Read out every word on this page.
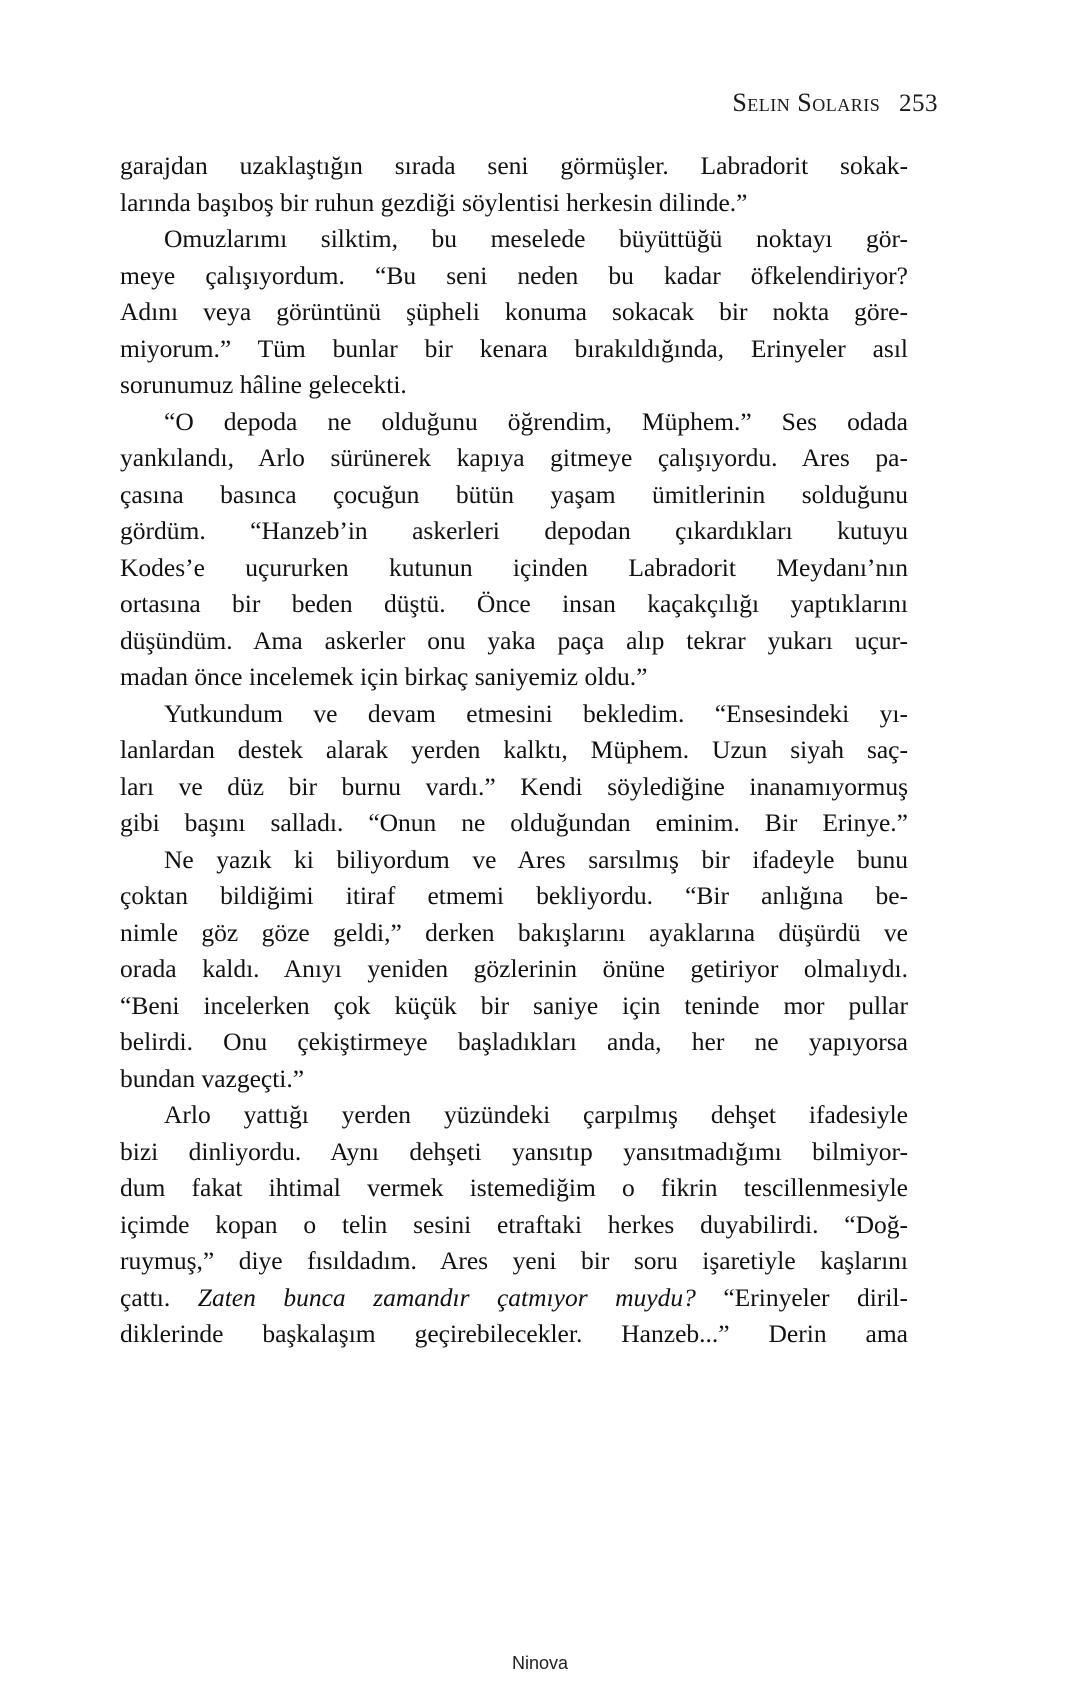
Selin Solaris 253
garajdan uzaklaştığın sırada seni görmüşler. Labradorit sokak-
larında başıboş bir ruhun gezdiği söylentisi herkesin dilinde.”
Omuzlarımı silktim, bu meselede büyüttüğü noktayı gör-
meye çalışıyordum. “Bu seni neden bu kadar öfkelendiriyor?
Adını veya görüntünü şüpheli konuma sokacak bir nokta göre-
miyorum.” Tüm bunlar bir kenara bırakıldığında, Erinyeler asıl
sorunumuz hâline gelecekti.
“O depoda ne olduğunu öğrendim, Müphem.” Ses odada
yankılandı, Arlo sürünerek kapıya gitmeye çalışıyordu. Ares pa-
çasına basınca çocuğun bütün yaşam ümitlerinin solduğunu
gördüm. “Hanzeb’in askerleri depodan çıkardıkları kutuyu
Kodes’e uçururken kutunun içinden Labradorit Meydanı’nın
ortasına bir beden düştü. Önce insan kaçakçılığı yaptıklarını
düşündüm. Ama askerler onu yaka paça alıp tekrar yukarı uçur-
madan önce incelemek için birkaç saniyemiz oldu.”
Yutkundum ve devam etmesini bekledim. “Ensesindeki yı-
lanlardan destek alarak yerden kalktı, Müphem. Uzun siyah saç-
ları ve düz bir burnu vardı.” Kendi söylediğine inanamıyormuş
gibi başını salladı. “Onun ne olduğundan eminim. Bir Erinye.”
Ne yazık ki biliyordum ve Ares sarsılmış bir ifadeyle bunu
çoktan bildiğimi itiraf etmemi bekliyordu. “Bir anlığına be-
nimle göz göze geldi,” derken bakışlarını ayaklarına düşürdü ve
orada kaldı. Anıyı yeniden gözlerinin önüne getiriyor olmalıydı.
“Beni incelerken çok küçük bir saniye için teninde mor pullar
belirdi. Onu çekiştirmeye başladıkları anda, her ne yapıyorsa
bundan vazgeçti.”
Arlo yattığı yerden yüzündeki çarpılmış dehşet ifadesiyle
bizi dinliyordu. Aynı dehşeti yansıtıp yansıtmadığımı bilmiyor-
dum fakat ihtimal vermek istemediğim o fikrin tescillenmesiyle
içimde kopan o telin sesini etraftaki herkes duyabilirdi. “Doğ-
ruymuş,” diye fısıldadım. Ares yeni bir soru işaretiyle kaşlarını
çattı. Zaten bunca zamandır çatmıyor muydu? “Erinyeler diril-
diklerinde başkalaşım geçirebilecekler. Hanzeb...” Derin ama
Ninova
